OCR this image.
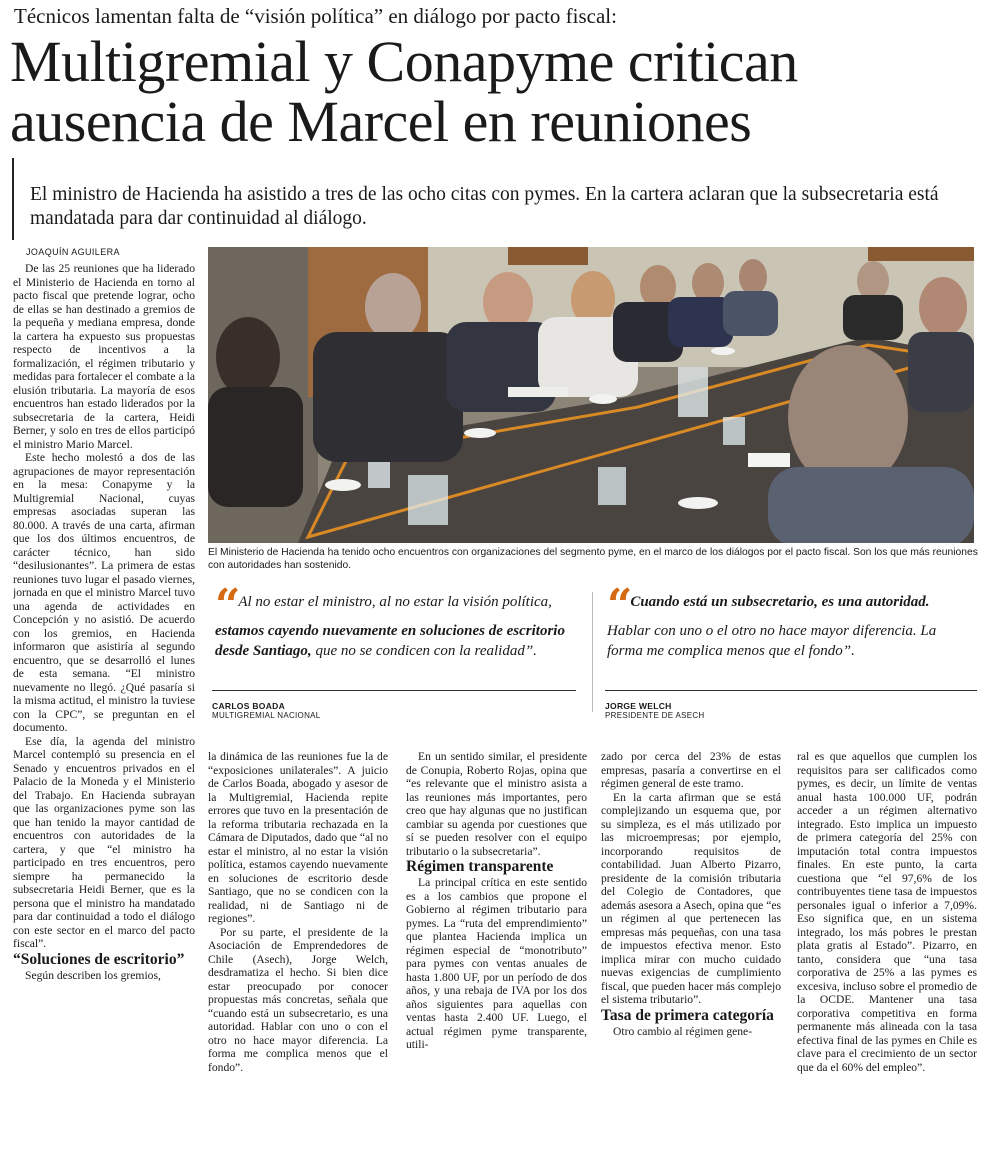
Técnicos lamentan falta de “visión política” en diálogo por pacto fiscal:
Multigremial y Conapyme critican ausencia de Marcel en reuniones
El ministro de Hacienda ha asistido a tres de las ocho citas con pymes. En la cartera aclaran que la subsecretaria está mandatada para dar continuidad al diálogo.
JOAQUÍN AGUILERA

De las 25 reuniones que ha liderado el Ministerio de Hacienda en torno al pacto fiscal que pretende lograr, ocho de ellas se han destinado a gremios de la pequeña y mediana empresa, donde la cartera ha expuesto sus propuestas respecto de incentivos a la formalización, el régimen tributario y medidas para fortalecer el combate a la elusión tributaria. La mayoría de esos encuentros han estado liderados por la subsecretaria de la cartera, Heidi Berner, y solo en tres de ellos participó el ministro Mario Marcel.

Este hecho molestó a dos de las agrupaciones de mayor representación en la mesa: Conapyme y la Multigremial Nacional, cuyas empresas asociadas superan las 80.000. A través de una carta, afirman que los dos últimos encuentros, de carácter técnico, han sido “desilusionantes”. La primera de estas reuniones tuvo lugar el pasado viernes, jornada en que el ministro Marcel tuvo una agenda de actividades en Concepción y no asistió. De acuerdo con los gremios, en Hacienda informaron que asistiría al segundo encuentro, que se desarrolló el lunes de esta semana. “El ministro nuevamente no llegó. ¿Qué pasaría si la misma actitud, el ministro la tuviese con la CPC”, se preguntan en el documento.

Ese día, la agenda del ministro Marcel contempló su presencia en el Senado y encuentros privados en el Palacio de la Moneda y el Ministerio del Trabajo. En Hacienda subrayan que las organizaciones pyme son las que han tenido la mayor cantidad de encuentros con autoridades de la cartera, y que “el ministro ha participado en tres encuentros, pero siempre ha permanecido la subsecretaria Heidi Berner, que es la persona que el ministro ha mandatado para dar continuidad a todo el diálogo con este sector en el marco del pacto fiscal”.

“Soluciones de escritorio”

Según describen los gremios,

El Ministerio de Hacienda ha tenido ocho encuentros con organizaciones del segmento pyme, en el marco de los diálogos por el pacto fiscal. Son los que más reuniones con autoridades han sostenido.
“ Al no estar el ministro, al no estar la visión política, estamos cayendo nuevamente en soluciones de escritorio desde Santiago, que no se condicen con la realidad”.
“ Cuando está un subsecretario, es una autoridad. Hablar con uno o el otro no hace mayor diferencia. La forma me complica menos que el fondo”.
CARLOS BOADA
MULTIGREMIAL NACIONAL
JORGE WELCH
PRESIDENTE DE ASECH

la dinámica de las reuniones fue la de “exposiciones unilaterales”. A juicio de Carlos Boada, abogado y asesor de la Multigremial, Hacienda repite errores que tuvo en la presentación de la reforma tributaria rechazada en la Cámara de Diputados, dado que “al no estar el ministro, al no estar la visión política, estamos cayendo nuevamente en soluciones de escritorio desde Santiago, que no se condicen con la realidad, ni de Santiago ni de regiones”.

Por su parte, el presidente de la Asociación de Emprendedores de Chile (Asech), Jorge Welch, desdramatiza el hecho. Si bien dice estar preocupado por conocer propuestas más concretas, señala que “cuando está un subsecretario, es una autoridad. Hablar con uno o con el otro no hace mayor diferencia. La forma me complica menos que el fondo”.

En un sentido similar, el presidente de Conupia, Roberto Rojas, opina que “es relevante que el ministro asista a las reuniones más importantes, pero creo que hay algunas que no justifican cambiar su agenda por cuestiones que sí se pueden resolver con el equipo tributario o la subsecretaria”.

Régimen transparente

La principal crítica en este sentido es a los cambios que propone el Gobierno al régimen tributario para pymes. La “ruta del emprendimiento” que plantea Hacienda implica un régimen especial de “monotributo” para pymes con ventas anuales de hasta 1.800 UF, por un período de dos años, y una rebaja de IVA por los dos años siguientes para aquellas con ventas hasta 2.400 UF. Luego, el actual régimen pyme transparente, utili-

zado por cerca del 23% de estas empresas, pasaría a convertirse en el régimen general de este tramo.

En la carta afirman que se está complejizando un esquema que, por su simpleza, es el más utilizado por las microempresas; por ejemplo, incorporando requisitos de contabilidad. Juan Alberto Pizarro, presidente de la comisión tributaria del Colegio de Contadores, que además asesora a Asech, opina que “es un régimen al que pertenecen las empresas más pequeñas, con una tasa de impuestos efectiva menor. Esto implica mirar con mucho cuidado nuevas exigencias de cumplimiento fiscal, que pueden hacer más complejo el sistema tributario”.

Tasa de primera categoría

Otro cambio al régimen gene-

ral es que aquellos que cumplen los requisitos para ser calificados como pymes, es decir, un límite de ventas anual hasta 100.000 UF, podrán acceder a un régimen alternativo integrado. Esto implica un impuesto de primera categoría del 25% con imputación total contra impuestos finales. En este punto, la carta cuestiona que “el 97,6% de los contribuyentes tiene tasa de impuestos personales igual o inferior a 7,09%. Eso significa que, en un sistema integrado, los más pobres le prestan plata gratis al Estado”. Pizarro, en tanto, considera que “una tasa corporativa de 25% a las pymes es excesiva, incluso sobre el promedio de la OCDE. Mantener una tasa corporativa competitiva en forma permanente más alineada con la tasa efectiva final de las pymes en Chile es clave para el crecimiento de un sector que da el 60% del empleo”.
